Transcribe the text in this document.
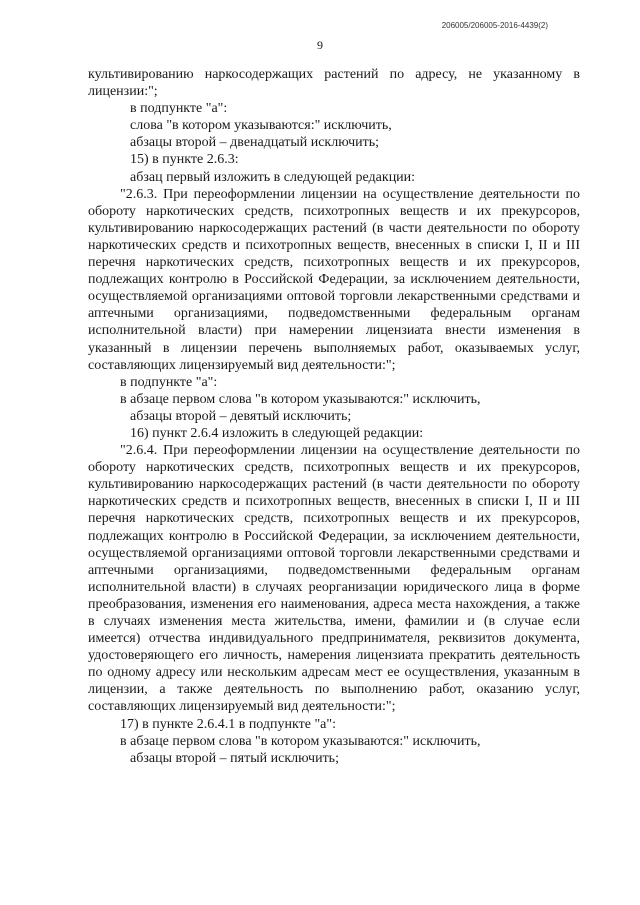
206005/206005-2016-4439(2)
9

культивированию наркосодержащих растений по адресу, не указанному в лицензии:";

в подпункте "а":

слова "в котором указываются:" исключить,

абзацы второй – двенадцатый исключить;

15) в пункте 2.6.3:

абзац первый изложить в следующей редакции:

"2.6.3. При переоформлении лицензии на осуществление деятельности по обороту наркотических средств, психотропных веществ и их прекурсоров, культивированию наркосодержащих растений (в части деятельности по обороту наркотических средств и психотропных веществ, внесенных в списки I, II и III перечня наркотических средств, психотропных веществ и их прекурсоров, подлежащих контролю в Российской Федерации, за исключением деятельности, осуществляемой организациями оптовой торговли лекарственными средствами и аптечными организациями, подведомственными федеральным органам исполнительной власти) при намерении лицензиата внести изменения в указанный в лицензии перечень выполняемых работ, оказываемых услуг, составляющих лицензируемый вид деятельности:";

в подпункте "а":

в абзаце первом слова "в котором указываются:" исключить,

абзацы второй – девятый исключить;

16) пункт 2.6.4 изложить в следующей редакции:

"2.6.4. При переоформлении лицензии на осуществление деятельности по обороту наркотических средств, психотропных веществ и их прекурсоров, культивированию наркосодержащих растений (в части деятельности по обороту наркотических средств и психотропных веществ, внесенных в списки I, II и III перечня наркотических средств, психотропных веществ и их прекурсоров, подлежащих контролю в Российской Федерации, за исключением деятельности, осуществляемой организациями оптовой торговли лекарственными средствами и аптечными организациями, подведомственными федеральным органам исполнительной власти) в случаях реорганизации юридического лица в форме преобразования, изменения его наименования, адреса места нахождения, а также в случаях изменения места жительства, имени, фамилии и (в случае если имеется) отчества индивидуального предпринимателя, реквизитов документа, удостоверяющего его личность, намерения лицензиата прекратить деятельность по одному адресу или нескольким адресам мест ее осуществления, указанным в лицензии, а также деятельность по выполнению работ, оказанию услуг, составляющих лицензируемый вид деятельности:";

17) в пункте 2.6.4.1 в подпункте "а":

в абзаце первом слова "в котором указываются:" исключить,

абзацы второй – пятый исключить;
